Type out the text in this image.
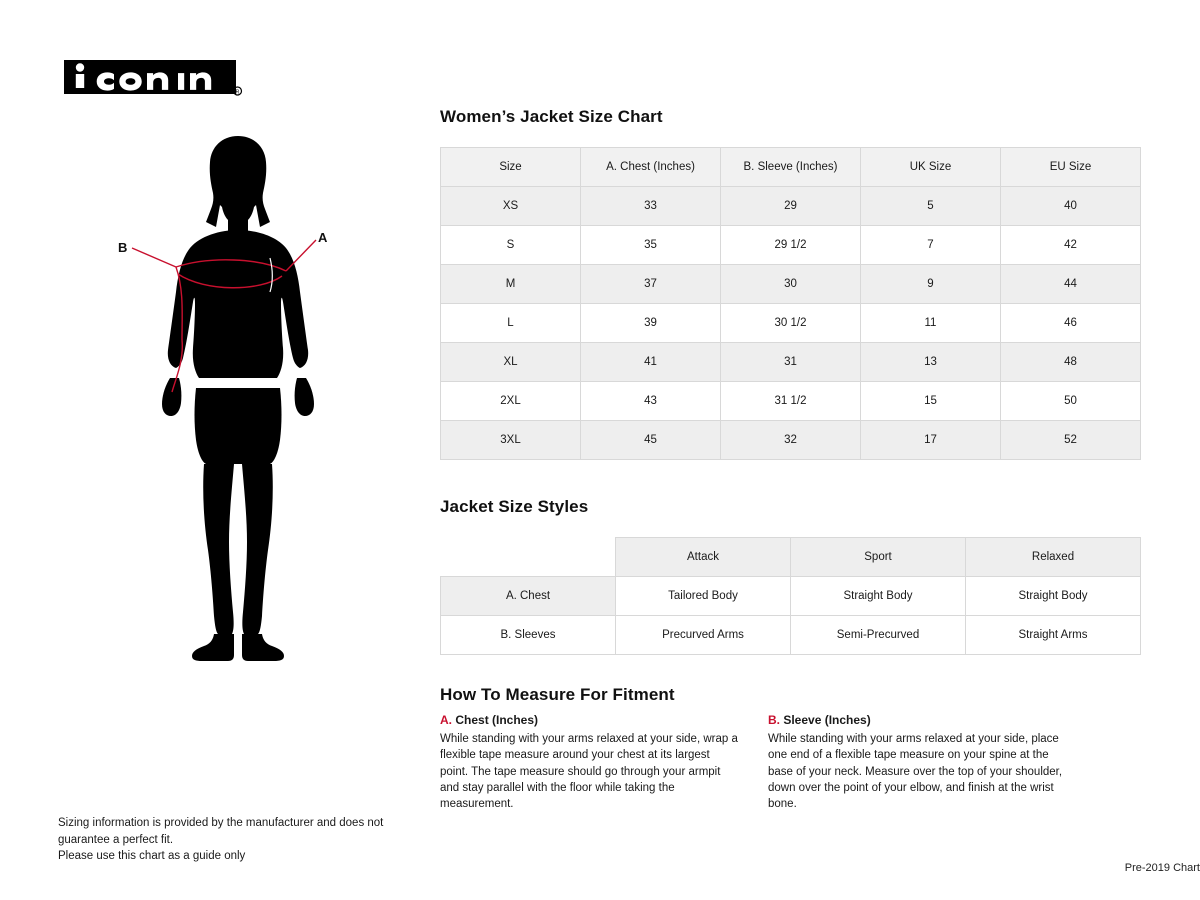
R
B
A
Sizing information is provided by the manufacturer and does not guarantee a perfect fit.
Please use this chart as a guide only
Women’s Jacket Size Chart
Size	A. Chest (Inches)	B. Sleeve (Inches)	UK Size	EU Size
XS	33	29	5	40
S	35	29 1/2	7	42
M	37	30	9	44
L	39	30 1/2	11	46
XL	41	31	13	48
2XL	43	31 1/2	15	50
3XL	45	32	17	52
Jacket Size Styles
	Attack	Sport	Relaxed
A. Chest	Tailored Body	Straight Body	Straight Body
B. Sleeves	Precurved Arms	Semi-Precurved	Straight Arms
How To Measure For Fitment
A. Chest (Inches)
While standing with your arms relaxed at your side, wrap a flexible tape measure around your chest at its largest point. The tape measure should go through your armpit and stay parallel with the floor while taking the measurement.
B. Sleeve (Inches)
While standing with your arms relaxed at your side, place one end of a flexible tape measure on your spine at the base of your neck. Measure over the top of your shoulder, down over the point of your elbow, and finish at the wrist bone.
Pre-2019 Chart
